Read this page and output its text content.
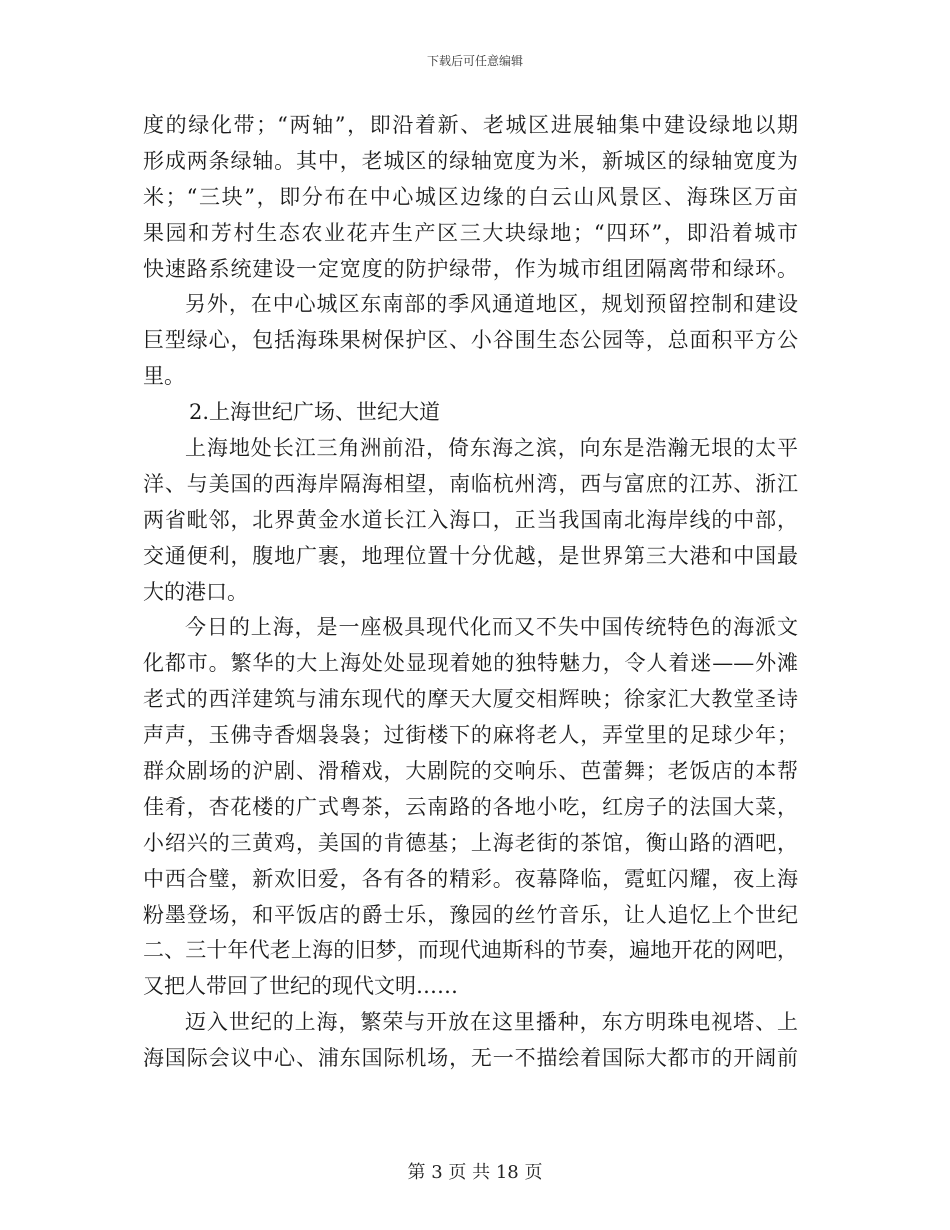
下载后可任意编辑
度的绿化带；“两轴”，即沿着新、老城区进展轴集中建设绿地以期
形成两条绿轴。其中，老城区的绿轴宽度为米，新城区的绿轴宽度为
米；“三块”，即分布在中心城区边缘的白云山风景区、海珠区万亩
果园和芳村生态农业花卉生产区三大块绿地；“四环”，即沿着城市
快速路系统建设一定宽度的防护绿带，作为城市组团隔离带和绿环。
另外，在中心城区东南部的季风通道地区，规划预留控制和建设
巨型绿心，包括海珠果树保护区、小谷围生态公园等，总面积平方公
里。
2.上海世纪广场、世纪大道
上海地处长江三角洲前沿，倚东海之滨，向东是浩瀚无垠的太平
洋、与美国的西海岸隔海相望，南临杭州湾，西与富庶的江苏、浙江
两省毗邻，北界黄金水道长江入海口，正当我国南北海岸线的中部，
交通便利，腹地广裹，地理位置十分优越，是世界第三大港和中国最
大的港口。
今日的上海，是一座极具现代化而又不失中国传统特色的海派文
化都市。繁华的大上海处处显现着她的独特魅力，令人着迷——外滩
老式的西洋建筑与浦东现代的摩天大厦交相辉映；徐家汇大教堂圣诗
声声，玉佛寺香烟袅袅；过街楼下的麻将老人，弄堂里的足球少年；
群众剧场的沪剧、滑稽戏，大剧院的交响乐、芭蕾舞；老饭店的本帮
佳肴，杏花楼的广式粤茶，云南路的各地小吃，红房子的法国大菜，
小绍兴的三黄鸡，美国的肯德基；上海老街的茶馆，衡山路的酒吧，
中西合璧，新欢旧爱，各有各的精彩。夜幕降临，霓虹闪耀，夜上海
粉墨登场，和平饭店的爵士乐，豫园的丝竹音乐，让人追忆上个世纪
二、三十年代老上海的旧梦，而现代迪斯科的节奏，遍地开花的网吧，
又把人带回了世纪的现代文明……
迈入世纪的上海，繁荣与开放在这里播种，东方明珠电视塔、上
海国际会议中心、浦东国际机场，无一不描绘着国际大都市的开阔前
第 3 页 共 18 页
